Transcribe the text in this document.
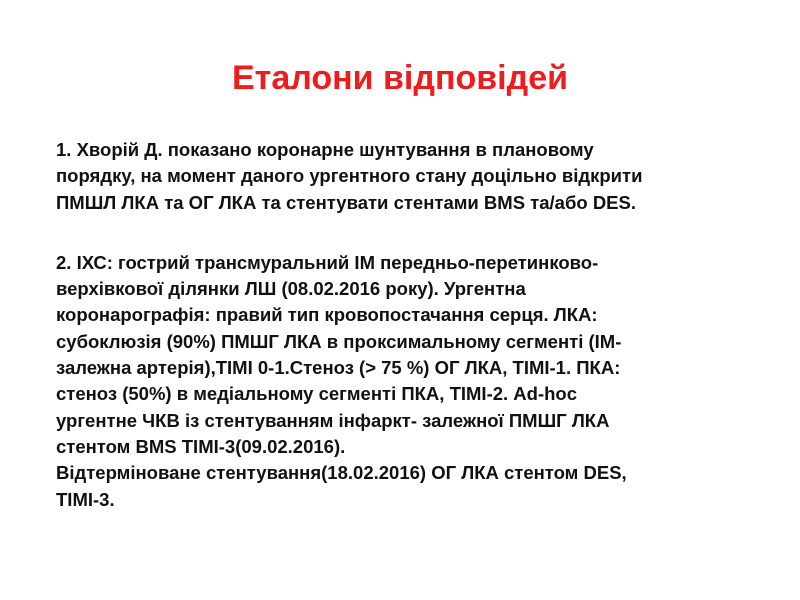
Еталони відповідей
1. Хворій Д. показано коронарне шунтування в плановому
порядку, на момент даного ургентного стану доцільно відкрити
ПМШЛ ЛКА та ОГ ЛКА та стентувати стентами BMS та/або DES.
2. ІХС: гострий трансмуральний ІМ передньо-перетинково-
верхівкової ділянки ЛШ (08.02.2016 року). Ургентна
коронарографія: правий тип кровопостачання серця. ЛКА:
субоклюзія (90%) ПМШГ ЛКА в проксимальному сегменті (ІМ-
залежна артерія),ТІМІ 0-1.Стеноз (> 75 %) ОГ ЛКА, ТІМІ-1. ПКА:
стеноз (50%) в медіальному сегменті ПКА, ТІМІ-2. Ad-hoc
ургентне ЧКВ із стентуванням інфаркт- залежної ПМШГ ЛКА
стентом BMS ТІМІ-3(09.02.2016).
Відтерміноване стентування(18.02.2016) ОГ ЛКА стентом DES,
ТІМІ-3.
